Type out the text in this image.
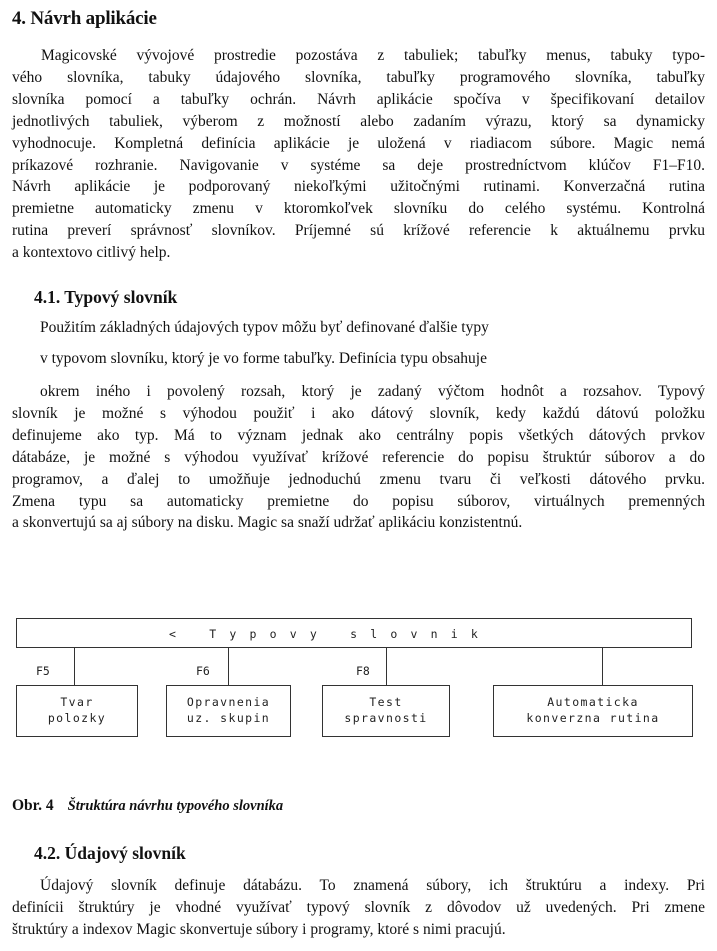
4. Návrh aplikácie
Magicovské vývojové prostredie pozostáva z tabuliek; tabuľky menus, tabuky typo-
vého slovníka, tabuky údajového slovníka, tabuľky programového slovníka, tabuľky
slovníka pomocí a tabuľky ochrán. Návrh aplikácie spočíva v špecifikovaní detailov
jednotlivých tabuliek, výberom z možností alebo zadaním výrazu, ktorý sa dynamicky
vyhodnocuje. Kompletná definícia aplikácie je uložená v riadiacom súbore. Magic nemá
príkazové rozhranie. Navigovanie v systéme sa deje prostredníctvom klúčov F1–F10.
Návrh aplikácie je podporovaný niekoľkými užitočnými rutinami. Konverzačná rutina
premietne automaticky zmenu v ktoromkoľvek slovníku do celého systému. Kontrolná
rutina preverí správnosť slovníkov. Príjemné sú krížové referencie k aktuálnemu prvku
a kontextovo citlivý help.
4.1. Typový slovník
Použitím základných údajových typov môžu byť definované ďalšie typy
v typovom slovníku, ktorý je vo forme tabuľky. Definícia typu obsahuje
okrem iného i povolený rozsah, ktorý je zadaný výčtom hodnôt a rozsahov. Typový
slovník je možné s výhodou použiť i ako dátový slovník, kedy každú dátovú položku
definujeme ako typ. Má to význam jednak ako centrálny popis všetkých dátových prvkov
dátabáze, je možné s výhodou využívať krížové referencie do popisu štruktúr súborov a do
programov, a ďalej to umožňuje jednoduchú zmenu tvaru či veľkosti dátového prvku.
Zmena typu sa automaticky premietne do popisu súborov, virtuálnych premenných
a skonvertujú sa aj súbory na disku. Magic sa snaží udržať aplikáciu konzistentnú.
< Typovy slovnik
F5	F6	F8
Tvar
polozky
Opravnenia
uz. skupin
Test
spravnosti
Automaticka
konverzna rutina
Obr. 4 Štruktúra návrhu typového slovníka
4.2. Údajový slovník
Údajový slovník definuje dátabázu. To znamená súbory, ich štruktúru a indexy. Pri
definícii štruktúry je vhodné využívať typový slovník z dôvodov už uvedených. Pri zmene
štruktúry a indexov Magic skonvertuje súbory i programy, ktoré s nimi pracujú.
